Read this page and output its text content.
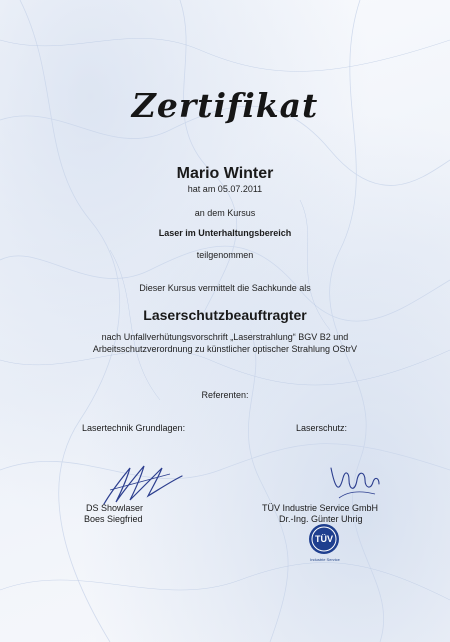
Zertifikat
Mario Winter
hat am 05.07.2011
an dem Kursus
Laser im Unterhaltungsbereich
teilgenommen
Dieser Kursus vermittelt die Sachkunde als
Laserschutzbeauftragter
nach Unfallverhütungsvorschrift „Laserstrahlung“ BGV B2 und
Arbeitsschutzverordnung zu künstlicher optischer Strahlung OStrV
Referenten:
Lasertechnik Grundlagen:	Laserschutz:
DS Showlaser
Boes Siegfried
TÜV Industrie Service GmbH
Dr.-Ing. Günter Uhrig
TÜV
Industrie Service
